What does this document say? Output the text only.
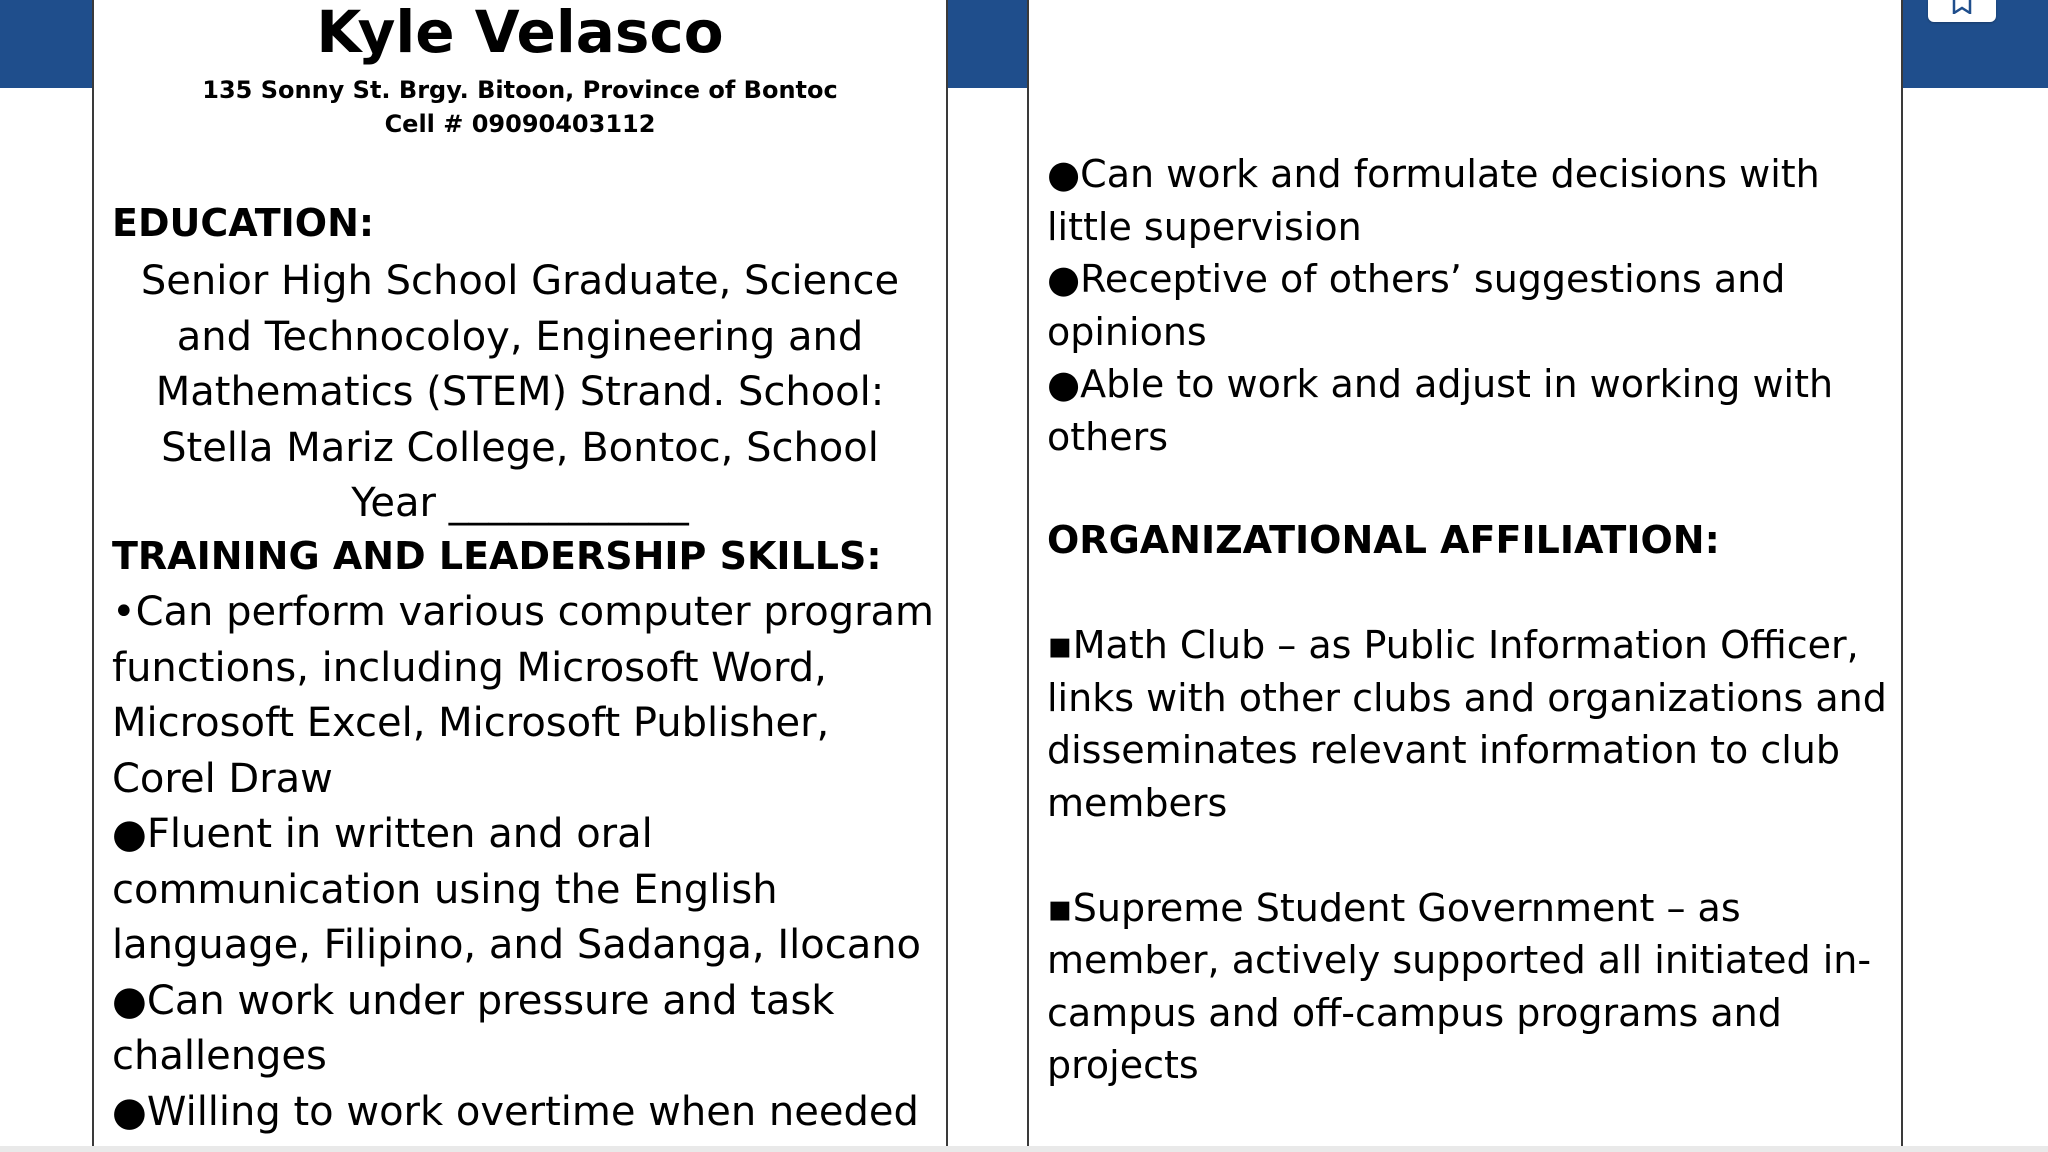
Kyle Velasco
135 Sonny St. Brgy. Bitoon, Province of Bontoc
Cell # 09090403112
EDUCATION:
Senior High School Graduate, Science and Technocoloy, Engineering and Mathematics (STEM) Strand. School: Stella Mariz College, Bontoc, School Year ____________
TRAINING AND LEADERSHIP SKILLS:

•Can perform various computer program functions, including Microsoft Word, Microsoft Excel, Microsoft Publisher, Corel Draw

●Fluent in written and oral communication using the English language, Filipino, and Sadanga, Ilocano

●Can work under pressure and task challenges

●Willing to work overtime when needed

●Can work and formulate decisions with little supervision

●Receptive of others’ suggestions and opinions

●Able to work and adjust in working with others

ORGANIZATIONAL AFFILIATION:

▪Math Club – as Public Information Officer, links with other clubs and organizations and disseminates relevant information to club members

▪Supreme Student Government – as member, actively supported all initiated in-campus and off-campus programs and projects
